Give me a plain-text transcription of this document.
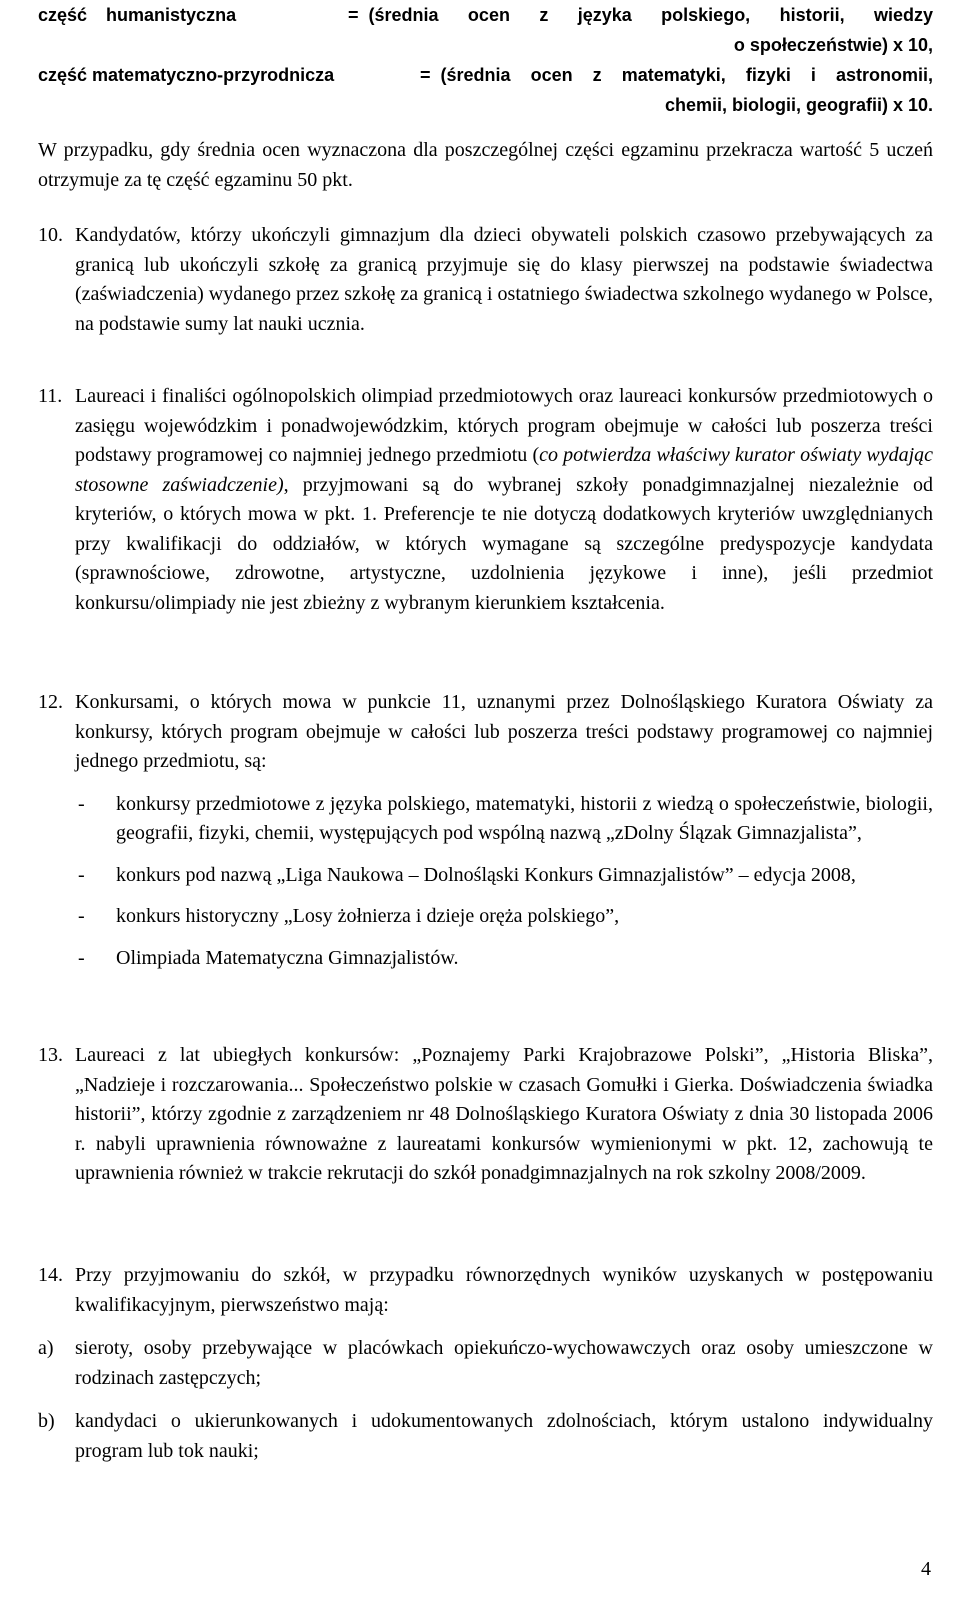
część humanistyczna	= (średnia ocen z języka polskiego, historii, wiedzy
o społeczeństwie) x 10,
część matematyczno-przyrodnicza	= (średnia ocen z matematyki, fizyki i astronomii,
chemii, biologii, geografii) x 10.
W przypadku, gdy średnia ocen wyznaczona dla poszczególnej części egzaminu przekracza wartość 5 uczeń otrzymuje za tę część egzaminu 50 pkt.
10. Kandydatów, którzy ukończyli gimnazjum dla dzieci obywateli polskich czasowo przebywających za granicą lub ukończyli szkołę za granicą przyjmuje się do klasy pierwszej na podstawie świadectwa (zaświadczenia) wydanego przez szkołę za granicą i ostatniego świadectwa szkolnego wydanego w Polsce, na podstawie sumy lat nauki ucznia.
11. Laureaci i finaliści ogólnopolskich olimpiad przedmiotowych oraz laureaci konkursów przedmiotowych o zasięgu wojewódzkim i ponadwojewódzkim, których program obejmuje w całości lub poszerza treści podstawy programowej co najmniej jednego przedmiotu (co potwierdza właściwy kurator oświaty wydając stosowne zaświadczenie), przyjmowani są do wybranej szkoły ponadgimnazjalnej niezależnie od kryteriów, o których mowa w pkt. 1. Preferencje te nie dotyczą dodatkowych kryteriów uwzględnianych przy kwalifikacji do oddziałów, w których wymagane są szczególne predyspozycje kandydata (sprawnościowe, zdrowotne, artystyczne, uzdolnienia językowe i inne), jeśli przedmiot konkursu/olimpiady nie jest zbieżny z wybranym kierunkiem kształcenia.
12. Konkursami, o których mowa w punkcie 11, uznanymi przez Dolnośląskiego Kuratora Oświaty za konkursy, których program obejmuje w całości lub poszerza treści podstawy programowej co najmniej jednego przedmiotu, są:
-	konkursy przedmiotowe z języka polskiego, matematyki, historii z wiedzą o społeczeństwie, biologii, geografii, fizyki, chemii, występujących pod wspólną nazwą „zDolny Ślązak Gimnazjalista”,
-	konkurs pod nazwą „Liga Naukowa – Dolnośląski Konkurs Gimnazjalistów” – edycja 2008,
-	konkurs historyczny „Losy żołnierza i dzieje oręża polskiego”,
-	Olimpiada Matematyczna Gimnazjalistów.
13. Laureaci z lat ubiegłych konkursów: „Poznajemy Parki Krajobrazowe Polski”, „Historia Bliska”, „Nadzieje i rozczarowania... Społeczeństwo polskie w czasach Gomułki i Gierka. Doświadczenia świadka historii”, którzy zgodnie z zarządzeniem nr 48 Dolnośląskiego Kuratora Oświaty z dnia 30 listopada 2006 r. nabyli uprawnienia równoważne z laureatami konkursów wymienionymi w pkt. 12, zachowują te uprawnienia również w trakcie rekrutacji do szkół ponadgimnazjalnych na rok szkolny 2008/2009.
14. Przy przyjmowaniu do szkół, w przypadku równorzędnych wyników uzyskanych w postępowaniu kwalifikacyjnym, pierwszeństwo mają:
a)	sieroty, osoby przebywające w placówkach opiekuńczo-wychowawczych oraz osoby umieszczone w rodzinach zastępczych;
b)	kandydaci o ukierunkowanych i udokumentowanych zdolnościach, którym ustalono indywidualny program lub tok nauki;
4
